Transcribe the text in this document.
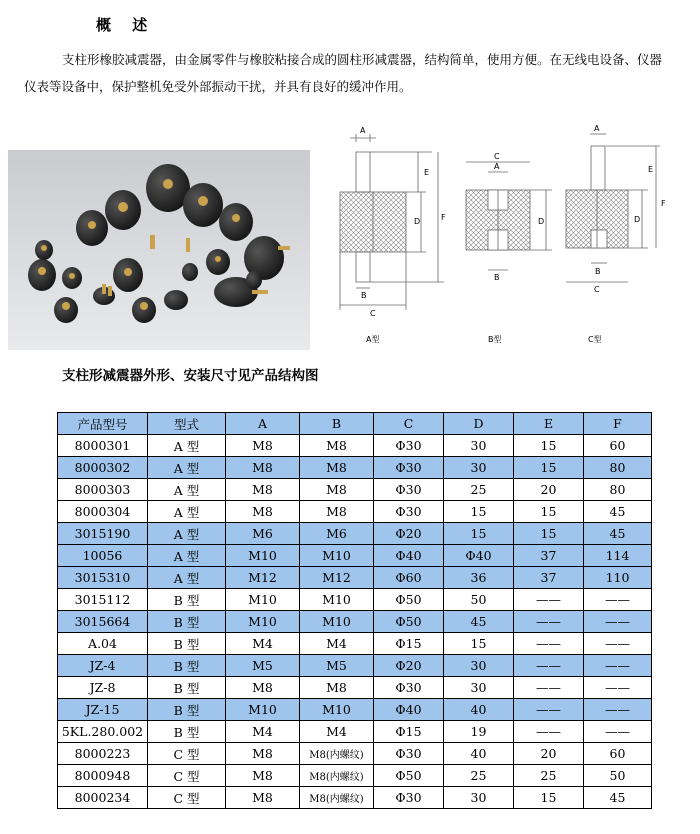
概 述
支柱形橡胶减震器，由金属零件与橡胶粘接合成的圆柱形减震器，结构简单，使用方便。在无线电设备、仪器仪表等设备中，保护整机免受外部振动干扰，并具有良好的缓冲作用。
A
B
C
D
E
F
C
A
B
D
A
B
C
D
E
F
A型	B型	C型
支柱形减震器外形、安装尺寸见产品结构图
产品型号	型式	A	B	C	D	E	F
8000301	A 型	M8	M8	Φ30	30	15	60
8000302	A 型	M8	M8	Φ30	30	15	80
8000303	A 型	M8	M8	Φ30	25	20	80
8000304	A 型	M8	M8	Φ30	15	15	45
3015190	A 型	M6	M6	Φ20	15	15	45
10056	A 型	M10	M10	Φ40	Φ40	37	114
3015310	A 型	M12	M12	Φ60	36	37	110
3015112	B 型	M10	M10	Φ50	50	——	——
3015664	B 型	M10	M10	Φ50	45	——	——
A.04	B 型	M4	M4	Φ15	15	——	——
JZ-4	B 型	M5	M5	Φ20	30	——	——
JZ-8	B 型	M8	M8	Φ30	30	——	——
JZ-15	B 型	M10	M10	Φ40	40	——	——
5KL.280.002	B 型	M4	M4	Φ15	19	——	——
8000223	C 型	M8	M8(内螺纹)	Φ30	40	20	60
8000948	C 型	M8	M8(内螺纹)	Φ50	25	25	50
8000234	C 型	M8	M8(内螺纹)	Φ30	30	15	45
